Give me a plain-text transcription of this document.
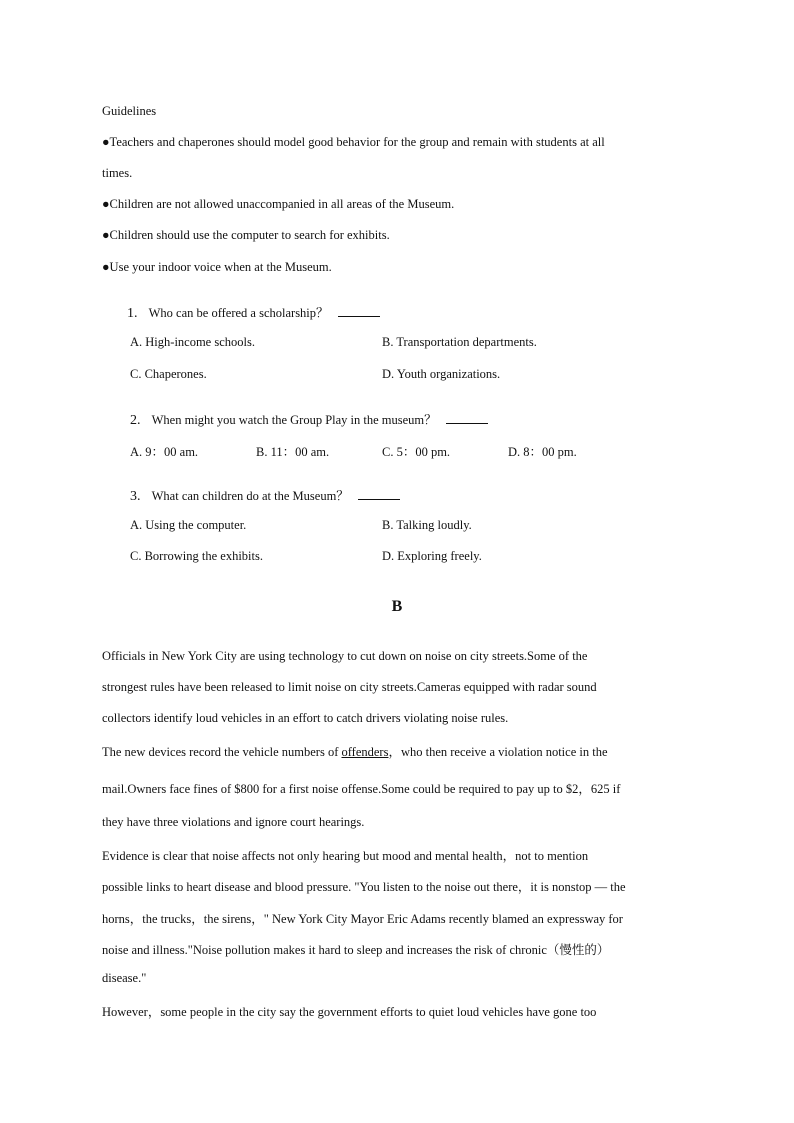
Guidelines
●Teachers and chaperones should model good behavior for the group and remain with students at all
times.
●Children are not allowed unaccompanied in all areas of the Museum.
●Children should use the computer to search for exhibits.
●Use your indoor voice when at the Museum.
1. Who can be offered a scholarship？
A. High-income schools.	B. Transportation departments.
C. Chaperones.	D. Youth organizations.
2. When might you watch the Group Play in the museum？
A. 9：00 am.	B. 11：00 am.	C. 5：00 pm.	D. 8：00 pm.
3. What can children do at the Museum？
A. Using the computer.	B. Talking loudly.
C. Borrowing the exhibits.	D. Exploring freely.
B
Officials in New York City are using technology to cut down on noise on city streets.Some of the
strongest rules have been released to limit noise on city streets.Cameras equipped with radar sound
collectors identify loud vehicles in an effort to catch drivers violating noise rules.
The new devices record the vehicle numbers of offenders，who then receive a violation notice in the
mail.Owners face fines of $800 for a first noise offense.Some could be required to pay up to $2，625 if
they have three violations and ignore court hearings.
Evidence is clear that noise affects not only hearing but mood and mental health，not to mention
possible links to heart disease and blood pressure. "You listen to the noise out there，it is nonstop — the
horns，the trucks，the sirens，" New York City Mayor Eric Adams recently blamed an expressway for
noise and illness."Noise pollution makes it hard to sleep and increases the risk of chronic（慢性的）
disease."
However，some people in the city say the government efforts to quiet loud vehicles have gone too
